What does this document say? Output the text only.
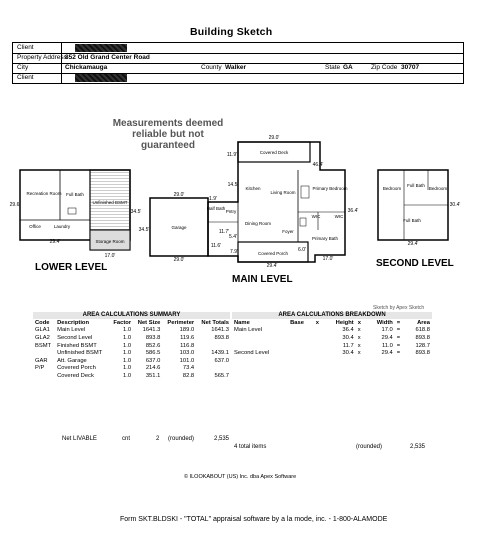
Building Sketch
Client
Property Address
852 Old Grand Center Road
City	Chickamauga	County Walker	State GA	Zip Code 30707
Client
Measurements deemed reliable but not guaranteed
Recreation Room Full Bath
Unfinished BSMT
Office	Laundry
Storage Room
29.4'
29.6'
34.5'
17.0'
Garage
29.0'
34.5'
29.0'
Covered Deck
Kitchen
Living Room
Primary Bedroom
Half Bath
Pntry
Dining Room
Foyer
WIC	WIC
Primary Bath
Covered Porch
29.0'
11.9'
46.4'
14.5'
36.4'
1.9'
11.7'
5.4'
11.6'
7.9'	6.0'
29.4'
17.0'
Bedroom
Full Bath
Bedroom
Full Bath
30.4'
29.4'
LOWER LEVEL
MAIN LEVEL
SECOND LEVEL
Sketch by Apex Sketch
AREA CALCULATIONS SUMMARY	AREA CALCULATIONS BREAKDOWN
Code	Description	Factor	Net Size	Perimeter	Net Totals
GLA1	Main Level	1.0	1641.3	189.0	1641.3
GLA2	Second Level	1.0	893.8	119.6	893.8
BSMT	Finished BSMT	1.0	852.6	116.8	
	Unfinished BSMT	1.0	586.5	103.0	1439.1
GAR	Att. Garage	1.0	637.0	101.0	637.0
P/P	Covered Porch	1.0	214.6	73.4	
	Covered Deck	1.0	351.1	82.8	565.7
Name	Base	x	Height	x	Width	=	Area
Main Level			36.4	x	17.0	=	618.8
			30.4	x	29.4	=	893.8
			11.7	x	11.0	=	128.7
Second Level			30.4	x	29.4	=	893.8
Net LIVABLE	cnt	2 (rounded)	2,535
4 total items	(rounded)	2,535
© ILOOKABOUT (US) Inc. dba Apex Software
Form SKT.BLDSKI - "TOTAL" appraisal software by a la mode, inc. - 1-800-ALAMODE
